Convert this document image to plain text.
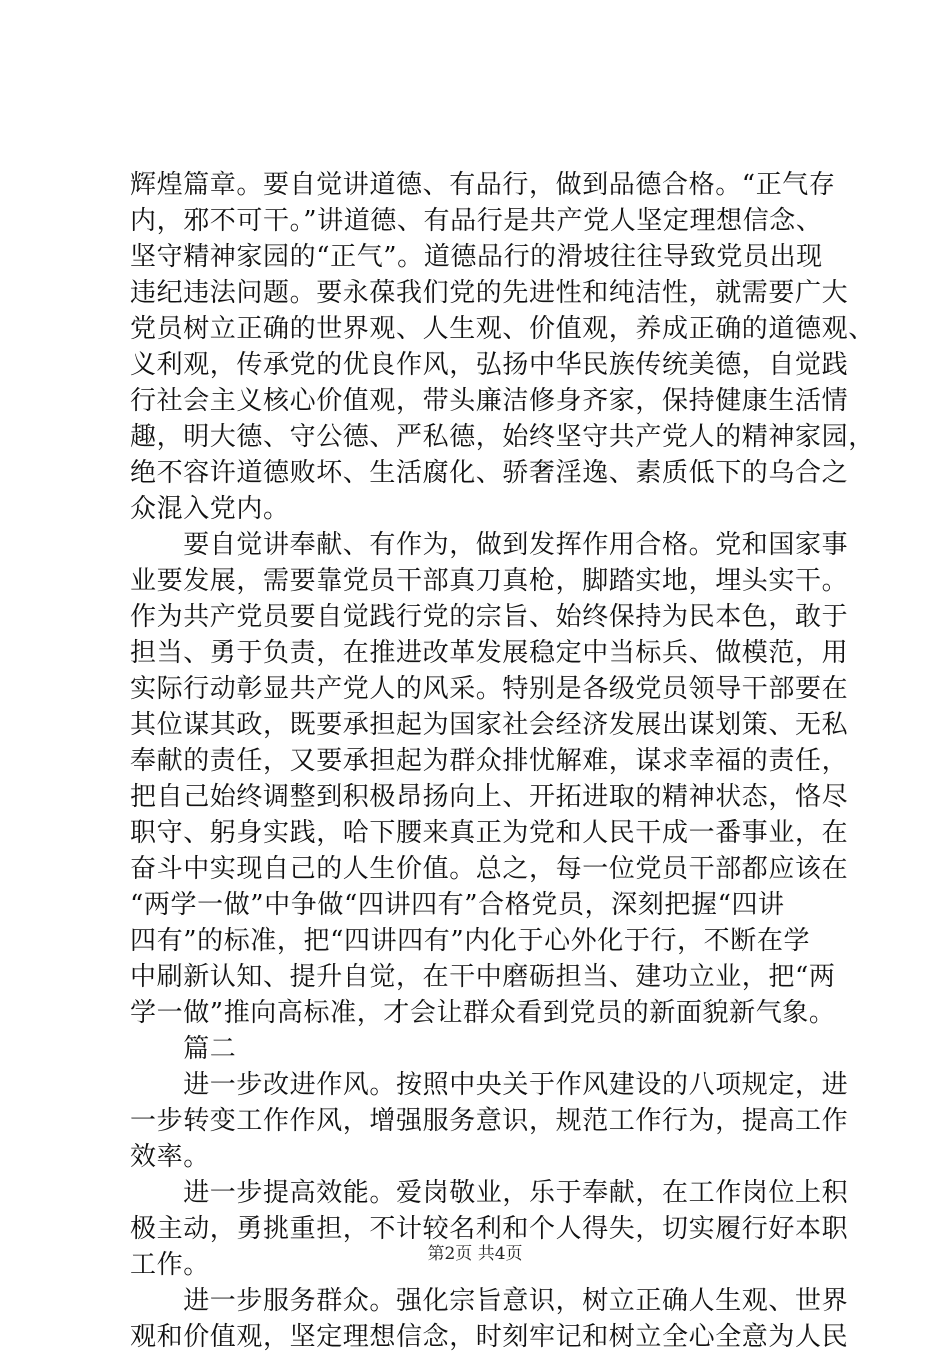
辉煌篇章。要自觉讲道德、有品行，做到品德合格。“正气存
内，邪不可干。”讲道德、有品行是共产党人坚定理想信念、
坚守精神家园的“正气”。道德品行的滑坡往往导致党员出现
违纪违法问题。要永葆我们党的先进性和纯洁性，就需要广大
党员树立正确的世界观、人生观、价值观，养成正确的道德观、
义利观，传承党的优良作风，弘扬中华民族传统美德，自觉践
行社会主义核心价值观，带头廉洁修身齐家，保持健康生活情
趣，明大德、守公德、严私德，始终坚守共产党人的精神家园，
绝不容许道德败坏、生活腐化、骄奢淫逸、素质低下的乌合之
众混入党内。
　　要自觉讲奉献、有作为，做到发挥作用合格。党和国家事
业要发展，需要靠党员干部真刀真枪，脚踏实地，埋头实干。
作为共产党员要自觉践行党的宗旨、始终保持为民本色，敢于
担当、勇于负责，在推进改革发展稳定中当标兵、做模范，用
实际行动彰显共产党人的风采。特别是各级党员领导干部要在
其位谋其政，既要承担起为国家社会经济发展出谋划策、无私
奉献的责任，又要承担起为群众排忧解难，谋求幸福的责任，
把自己始终调整到积极昂扬向上、开拓进取的精神状态，恪尽
职守、躬身实践，哈下腰来真正为党和人民干成一番事业，在
奋斗中实现自己的人生价值。总之，每一位党员干部都应该在
“两学一做”中争做“四讲四有”合格党员，深刻把握“四讲
四有”的标准，把“四讲四有”内化于心外化于行，不断在学
中刷新认知、提升自觉，在干中磨砺担当、建功立业，把“两
学一做”推向高标准，才会让群众看到党员的新面貌新气象。
　　篇二
　　进一步改进作风。按照中央关于作风建设的八项规定，进
一步转变工作作风，增强服务意识，规范工作行为，提高工作
效率。
　　进一步提高效能。爱岗敬业，乐于奉献，在工作岗位上积
极主动，勇挑重担，不计较名利和个人得失，切实履行好本职
工作。
　　进一步服务群众。强化宗旨意识，树立正确人生观、世界
观和价值观，坚定理想信念，时刻牢记和树立全心全意为人民
第2页 共4页
